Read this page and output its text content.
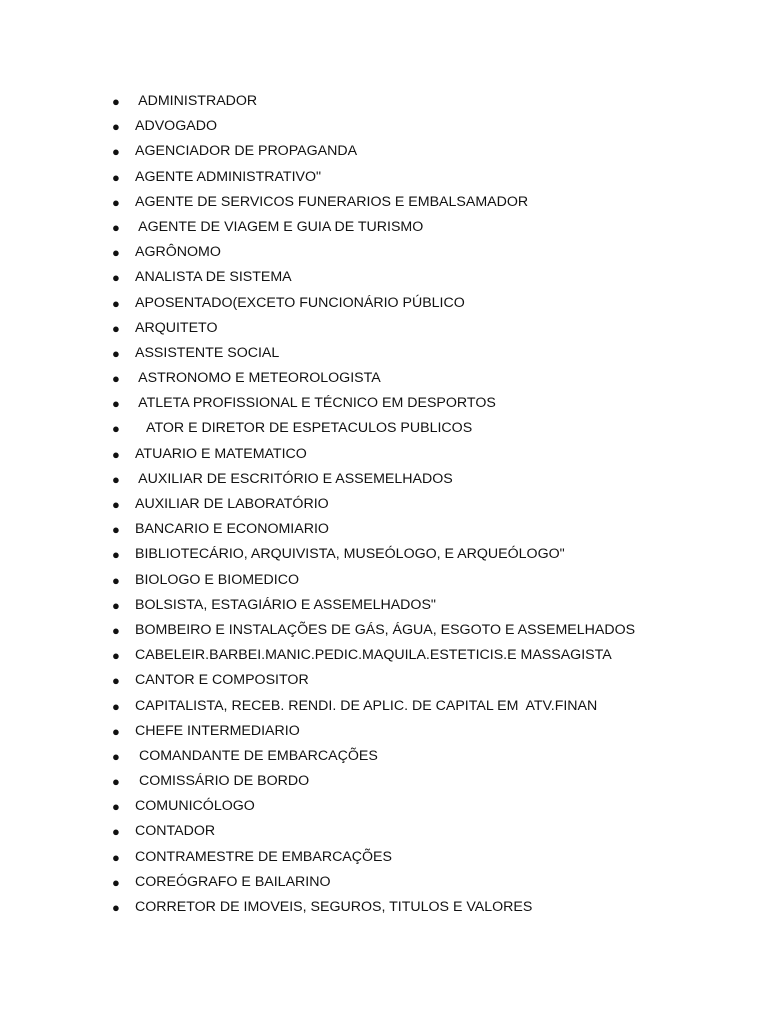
● ADMINISTRADOR
● ADVOGADO
● AGENCIADOR DE PROPAGANDA
● AGENTE ADMINISTRATIVO"
● AGENTE DE SERVICOS FUNERARIOS E EMBALSAMADOR
● AGENTE DE VIAGEM E GUIA DE TURISMO
● AGRÔNOMO
● ANALISTA DE SISTEMA
● APOSENTADO(EXCETO FUNCIONÁRIO PÚBLICO
● ARQUITETO
● ASSISTENTE SOCIAL
● ASTRONOMO E METEOROLOGISTA
● ATLETA PROFISSIONAL E TÉCNICO EM DESPORTOS
● ATOR E DIRETOR DE ESPETACULOS PUBLICOS
● ATUARIO E MATEMATICO
● AUXILIAR DE ESCRITÓRIO E ASSEMELHADOS
● AUXILIAR DE LABORATÓRIO
● BANCARIO E ECONOMIARIO
● BIBLIOTECÁRIO, ARQUIVISTA, MUSEÓLOGO, E ARQUEÓLOGO"
● BIOLOGO E BIOMEDICO
● BOLSISTA, ESTAGIÁRIO E ASSEMELHADOS"
● BOMBEIRO E INSTALAÇÕES DE GÁS, ÁGUA, ESGOTO E ASSEMELHADOS
● CABELEIR.BARBEI.MANIC.PEDIC.MAQUILA.ESTETICIS.E MASSAGISTA
● CANTOR E COMPOSITOR
● CAPITALISTA, RECEB. RENDI. DE APLIC. DE CAPITAL EM  ATV.FINAN
● CHEFE INTERMEDIARIO
● COMANDANTE DE EMBARCAÇÕES
● COMISSÁRIO DE BORDO
● COMUNICÓLOGO
● CONTADOR
● CONTRAMESTRE DE EMBARCAÇÕES
● COREÓGRAFO E BAILARINO
● CORRETOR DE IMOVEIS, SEGUROS, TITULOS E VALORES
